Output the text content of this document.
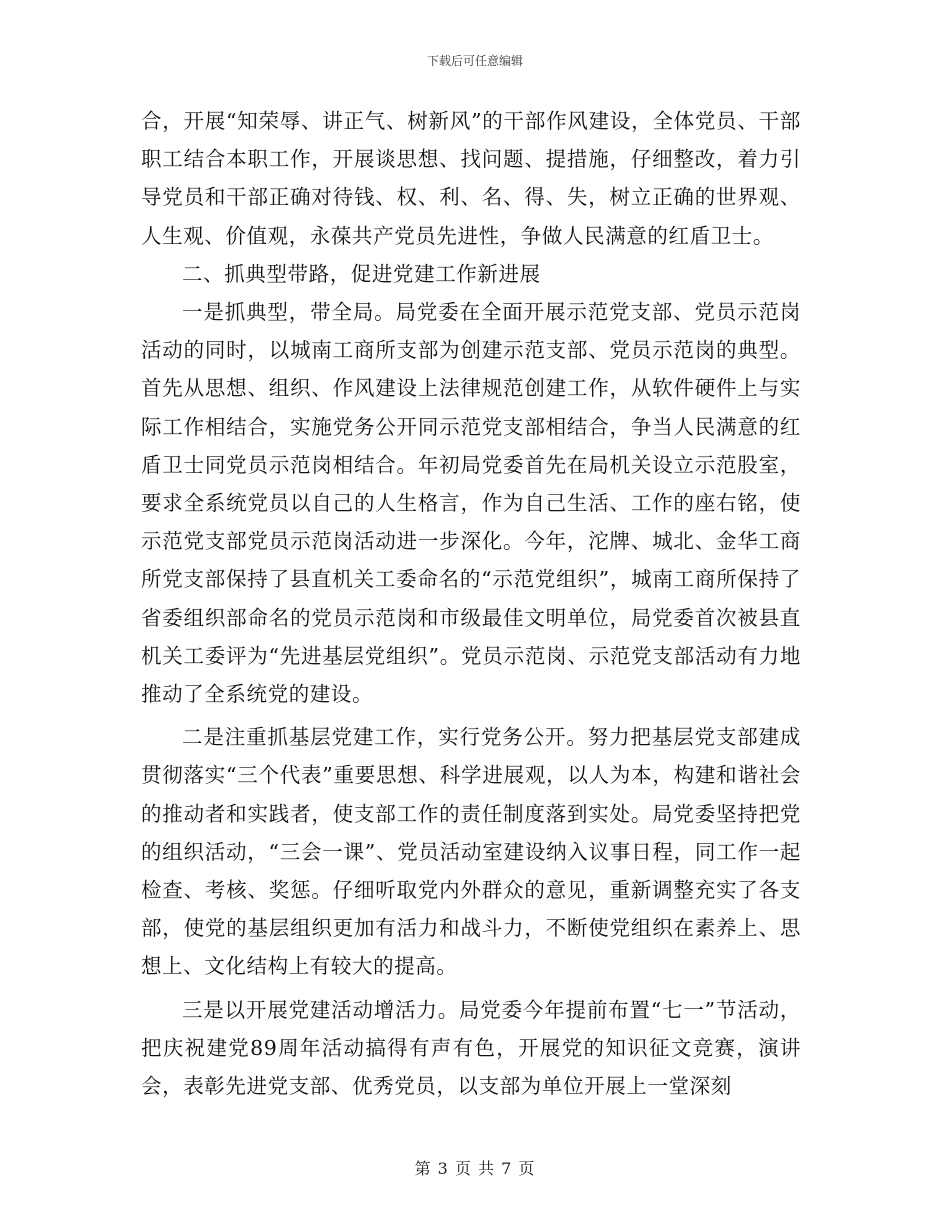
下载后可任意编辑

合，开展“知荣辱、讲正气、树新风”的干部作风建设，全体党员、干部职工结合本职工作，开展谈思想、找问题、提措施，仔细整改，着力引导党员和干部正确对待钱、权、利、名、得、失，树立正确的世界观、人生观、价值观，永葆共产党员先进性，争做人民满意的红盾卫士。

二、抓典型带路，促进党建工作新进展

一是抓典型，带全局。局党委在全面开展示范党支部、党员示范岗活动的同时，以城南工商所支部为创建示范支部、党员示范岗的典型。首先从思想、组织、作风建设上法律规范创建工作，从软件硬件上与实际工作相结合，实施党务公开同示范党支部相结合，争当人民满意的红盾卫士同党员示范岗相结合。年初局党委首先在局机关设立示范股室，要求全系统党员以自己的人生格言，作为自己生活、工作的座右铭，使示范党支部党员示范岗活动进一步深化。今年，沱牌、城北、金华工商所党支部保持了县直机关工委命名的“示范党组织”，城南工商所保持了省委组织部命名的党员示范岗和市级最佳文明单位，局党委首次被县直机关工委评为“先进基层党组织”。党员示范岗、示范党支部活动有力地推动了全系统党的建设。

二是注重抓基层党建工作，实行党务公开。努力把基层党支部建成贯彻落实“三个代表”重要思想、科学进展观，以人为本，构建和谐社会的推动者和实践者，使支部工作的责任制度落到实处。局党委坚持把党的组织活动，“三会一课”、党员活动室建设纳入议事日程，同工作一起检查、考核、奖惩。仔细听取党内外群众的意见，重新调整充实了各支部，使党的基层组织更加有活力和战斗力，不断使党组织在素养上、思想上、文化结构上有较大的提高。

三是以开展党建活动增活力。局党委今年提前布置“七一”节活动，把庆祝建党89周年活动搞得有声有色，开展党的知识征文竞赛，演讲会，表彰先进党支部、优秀党员，以支部为单位开展上一堂深刻

第 3 页 共 7 页
